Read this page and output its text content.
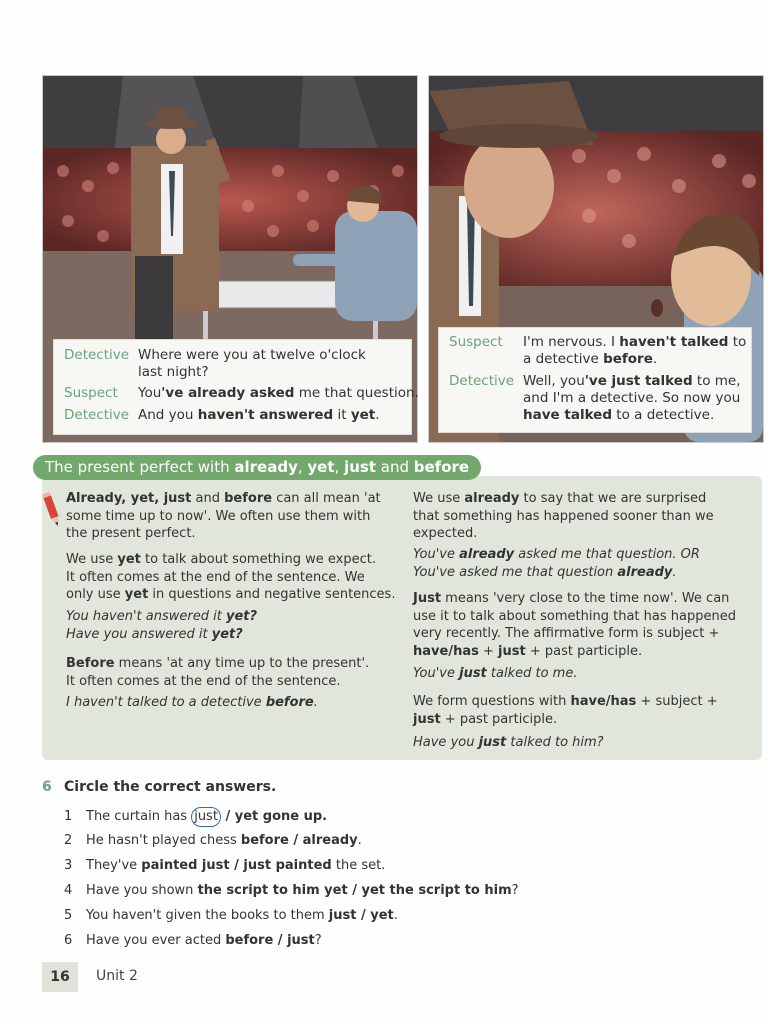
Detective Where were you at twelve o'clock
last night?
Suspect You've already asked me that question.
Detective And you haven't answered it yet.
Suspect I'm nervous. I haven't talked to
a detective before.
Detective Well, you've just talked to me,
and I'm a detective. So now you
have talked to a detective.
The present perfect with already, yet, just and before
Already, yet, just and before can all mean 'at
some time up to now'. We often use them with
the present perfect.
We use yet to talk about something we expect.
It often comes at the end of the sentence. We
only use yet in questions and negative sentences.
You haven't answered it yet?
Have you answered it yet?
Before means 'at any time up to the present'.
It often comes at the end of the sentence.
I haven't talked to a detective before.
We use already to say that we are surprised
that something has happened sooner than we
expected.
You've already asked me that question. OR
You've asked me that question already.
Just means 'very close to the time now'. We can
use it to talk about something that has happened
very recently. The affirmative form is subject +
have/has + just + past participle.
You've just talked to me.
We form questions with have/has + subject +
just + past participle.
Have you just talked to him?
6 Circle the correct answers.
1 The curtain has just / yet gone up.
2 He hasn't played chess before / already.
3 They've painted just / just painted the set.
4 Have you shown the script to him yet / yet the script to him?
5 You haven't given the books to them just / yet.
6 Have you ever acted before / just?
16	Unit 2
